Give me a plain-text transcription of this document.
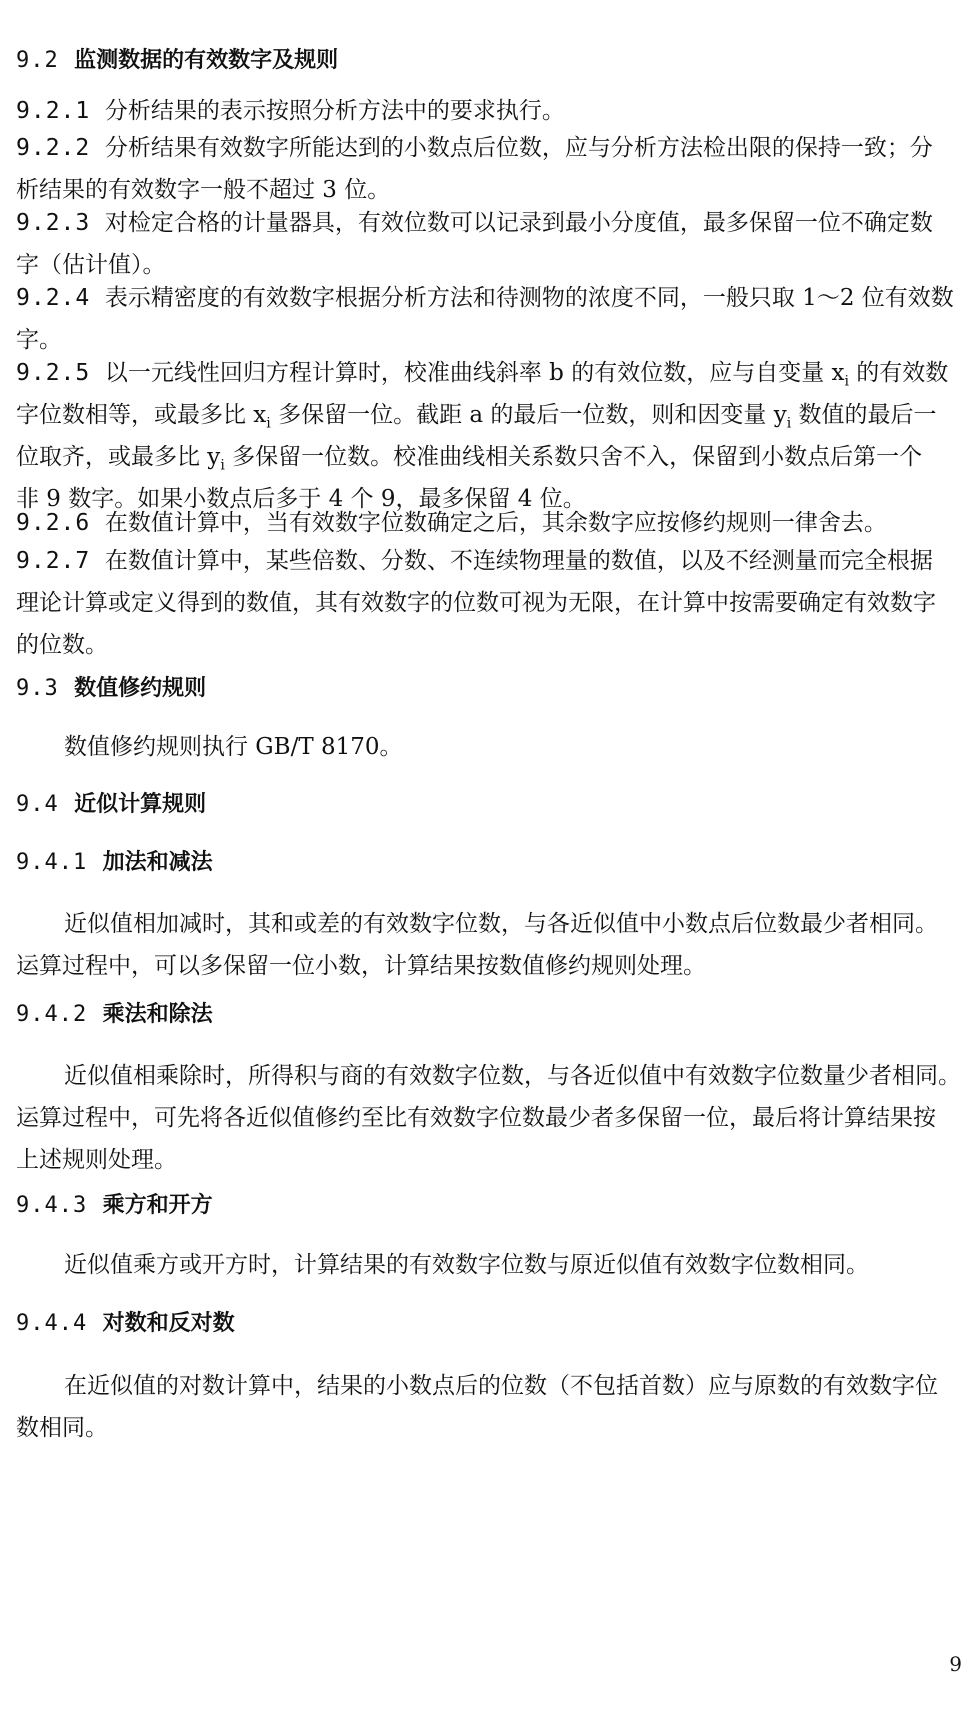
9.2 监测数据的有效数字及规则
9.2.1 分析结果的表示按照分析方法中的要求执行。
9.2.2 分析结果有效数字所能达到的小数点后位数，应与分析方法检出限的保持一致；分
析结果的有效数字一般不超过 3 位。
9.2.3 对检定合格的计量器具，有效位数可以记录到最小分度值，最多保留一位不确定数
字（估计值）。
9.2.4 表示精密度的有效数字根据分析方法和待测物的浓度不同，一般只取 1～2 位有效数
字。
9.2.5 以一元线性回归方程计算时，校准曲线斜率 b 的有效位数，应与自变量 $x_i$ 的有效数
字位数相等，或最多比 $x_i$ 多保留一位。截距 a 的最后一位数，则和因变量 $y_i$ 数值的最后一
位取齐，或最多比 $y_i$ 多保留一位数。校准曲线相关系数只舍不入，保留到小数点后第一个
非 9 数字。如果小数点后多于 4 个 9，最多保留 4 位。
9.2.6 在数值计算中，当有效数字位数确定之后，其余数字应按修约规则一律舍去。
9.2.7 在数值计算中，某些倍数、分数、不连续物理量的数值，以及不经测量而完全根据
理论计算或定义得到的数值，其有效数字的位数可视为无限，在计算中按需要确定有效数字
的位数。
9.3 数值修约规则
数值修约规则执行 GB/T 8170。
9.4 近似计算规则
9.4.1 加法和减法
近似值相加减时，其和或差的有效数字位数，与各近似值中小数点后位数最少者相同。
运算过程中，可以多保留一位小数，计算结果按数值修约规则处理。
9.4.2 乘法和除法
近似值相乘除时，所得积与商的有效数字位数，与各近似值中有效数字位数量少者相同。
运算过程中，可先将各近似值修约至比有效数字位数最少者多保留一位，最后将计算结果按
上述规则处理。
9.4.3 乘方和开方
近似值乘方或开方时，计算结果的有效数字位数与原近似值有效数字位数相同。
9.4.4 对数和反对数
在近似值的对数计算中，结果的小数点后的位数（不包括首数）应与原数的有效数字位
数相同。
9
